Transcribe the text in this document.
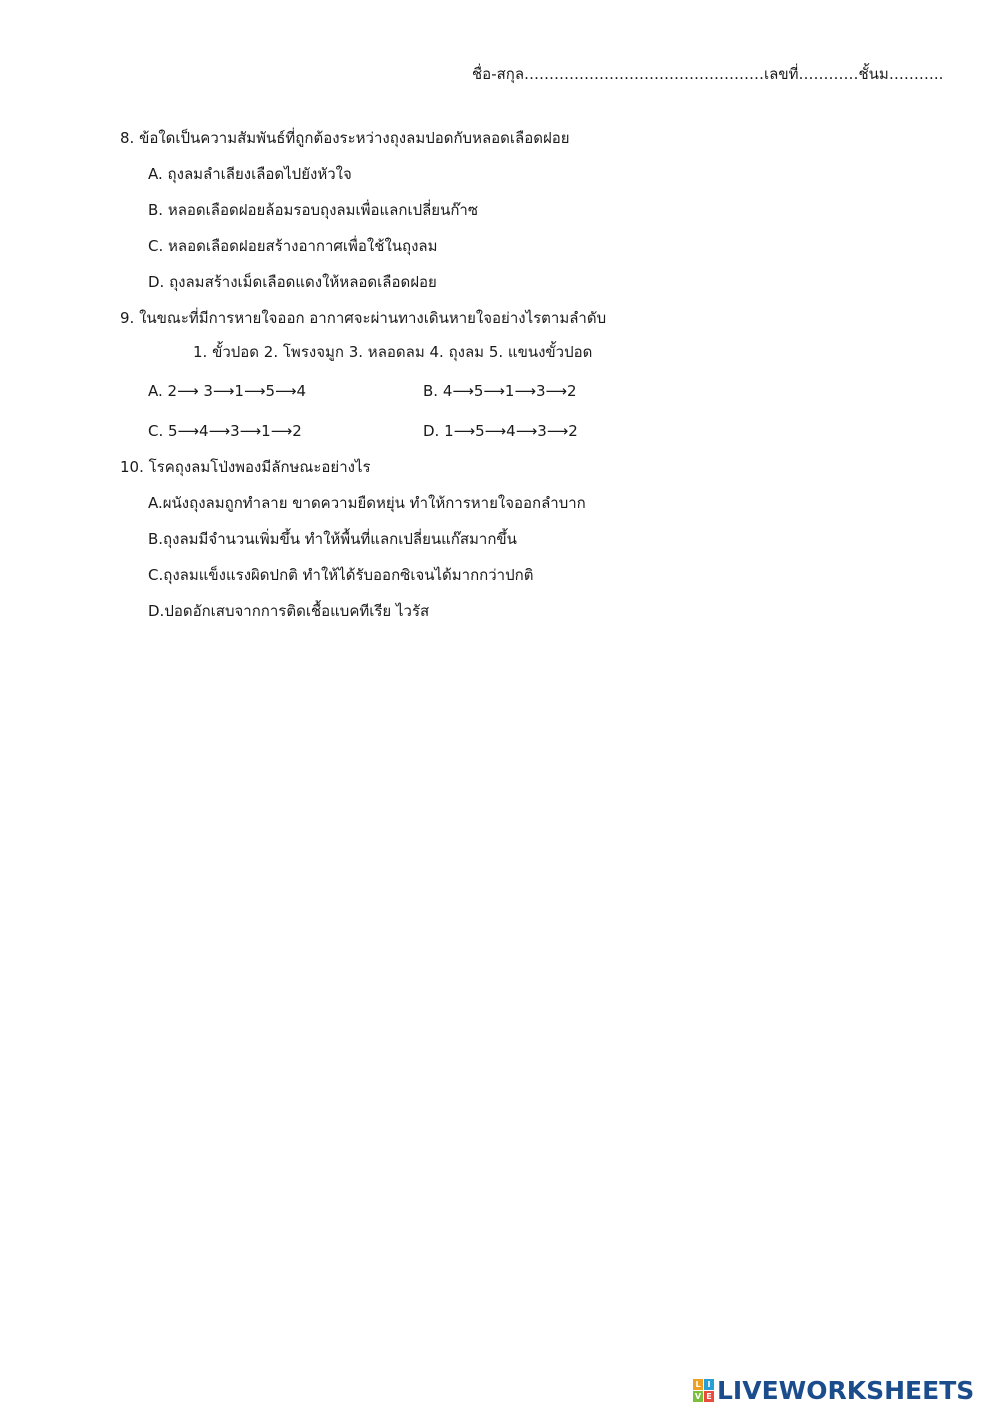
ชื่อ-สกุล…………………………………………เลขที่…………ชั้นม………..
8. ข้อใดเป็นความสัมพันธ์ที่ถูกต้องระหว่างถุงลมปอดกับหลอดเลือดฝอย
A. ถุงลมลำเลียงเลือดไปยังหัวใจ
B. หลอดเลือดฝอยล้อมรอบถุงลมเพื่อแลกเปลี่ยนก๊าซ
C. หลอดเลือดฝอยสร้างอากาศเพื่อใช้ในถุงลม
D. ถุงลมสร้างเม็ดเลือดแดงให้หลอดเลือดฝอย
9. ในขณะที่มีการหายใจออก อากาศจะผ่านทางเดินหายใจอย่างไรตามลำดับ
1. ขั้วปอด 2. โพรงจมูก 3. หลอดลม 4. ถุงลม 5. แขนงขั้วปอด
A. 2⟶ 3⟶1⟶5⟶4	B. 4⟶5⟶1⟶3⟶2
C. 5⟶4⟶3⟶1⟶2	D. 1⟶5⟶4⟶3⟶2
10. โรคถุงลมโป่งพองมีลักษณะอย่างไร
A.ผนังถุงลมถูกทำลาย ขาดความยืดหยุ่น ทำให้การหายใจออกลำบาก
B.ถุงลมมีจำนวนเพิ่มขึ้น ทำให้พื้นที่แลกเปลี่ยนแก๊สมากขึ้น
C.ถุงลมแข็งแรงผิดปกติ ทำให้ได้รับออกซิเจนได้มากกว่าปกติ
D.ปอดอักเสบจากการติดเชื้อแบคทีเรีย ไวรัส
L I
V E LIVEWORKSHEETS
